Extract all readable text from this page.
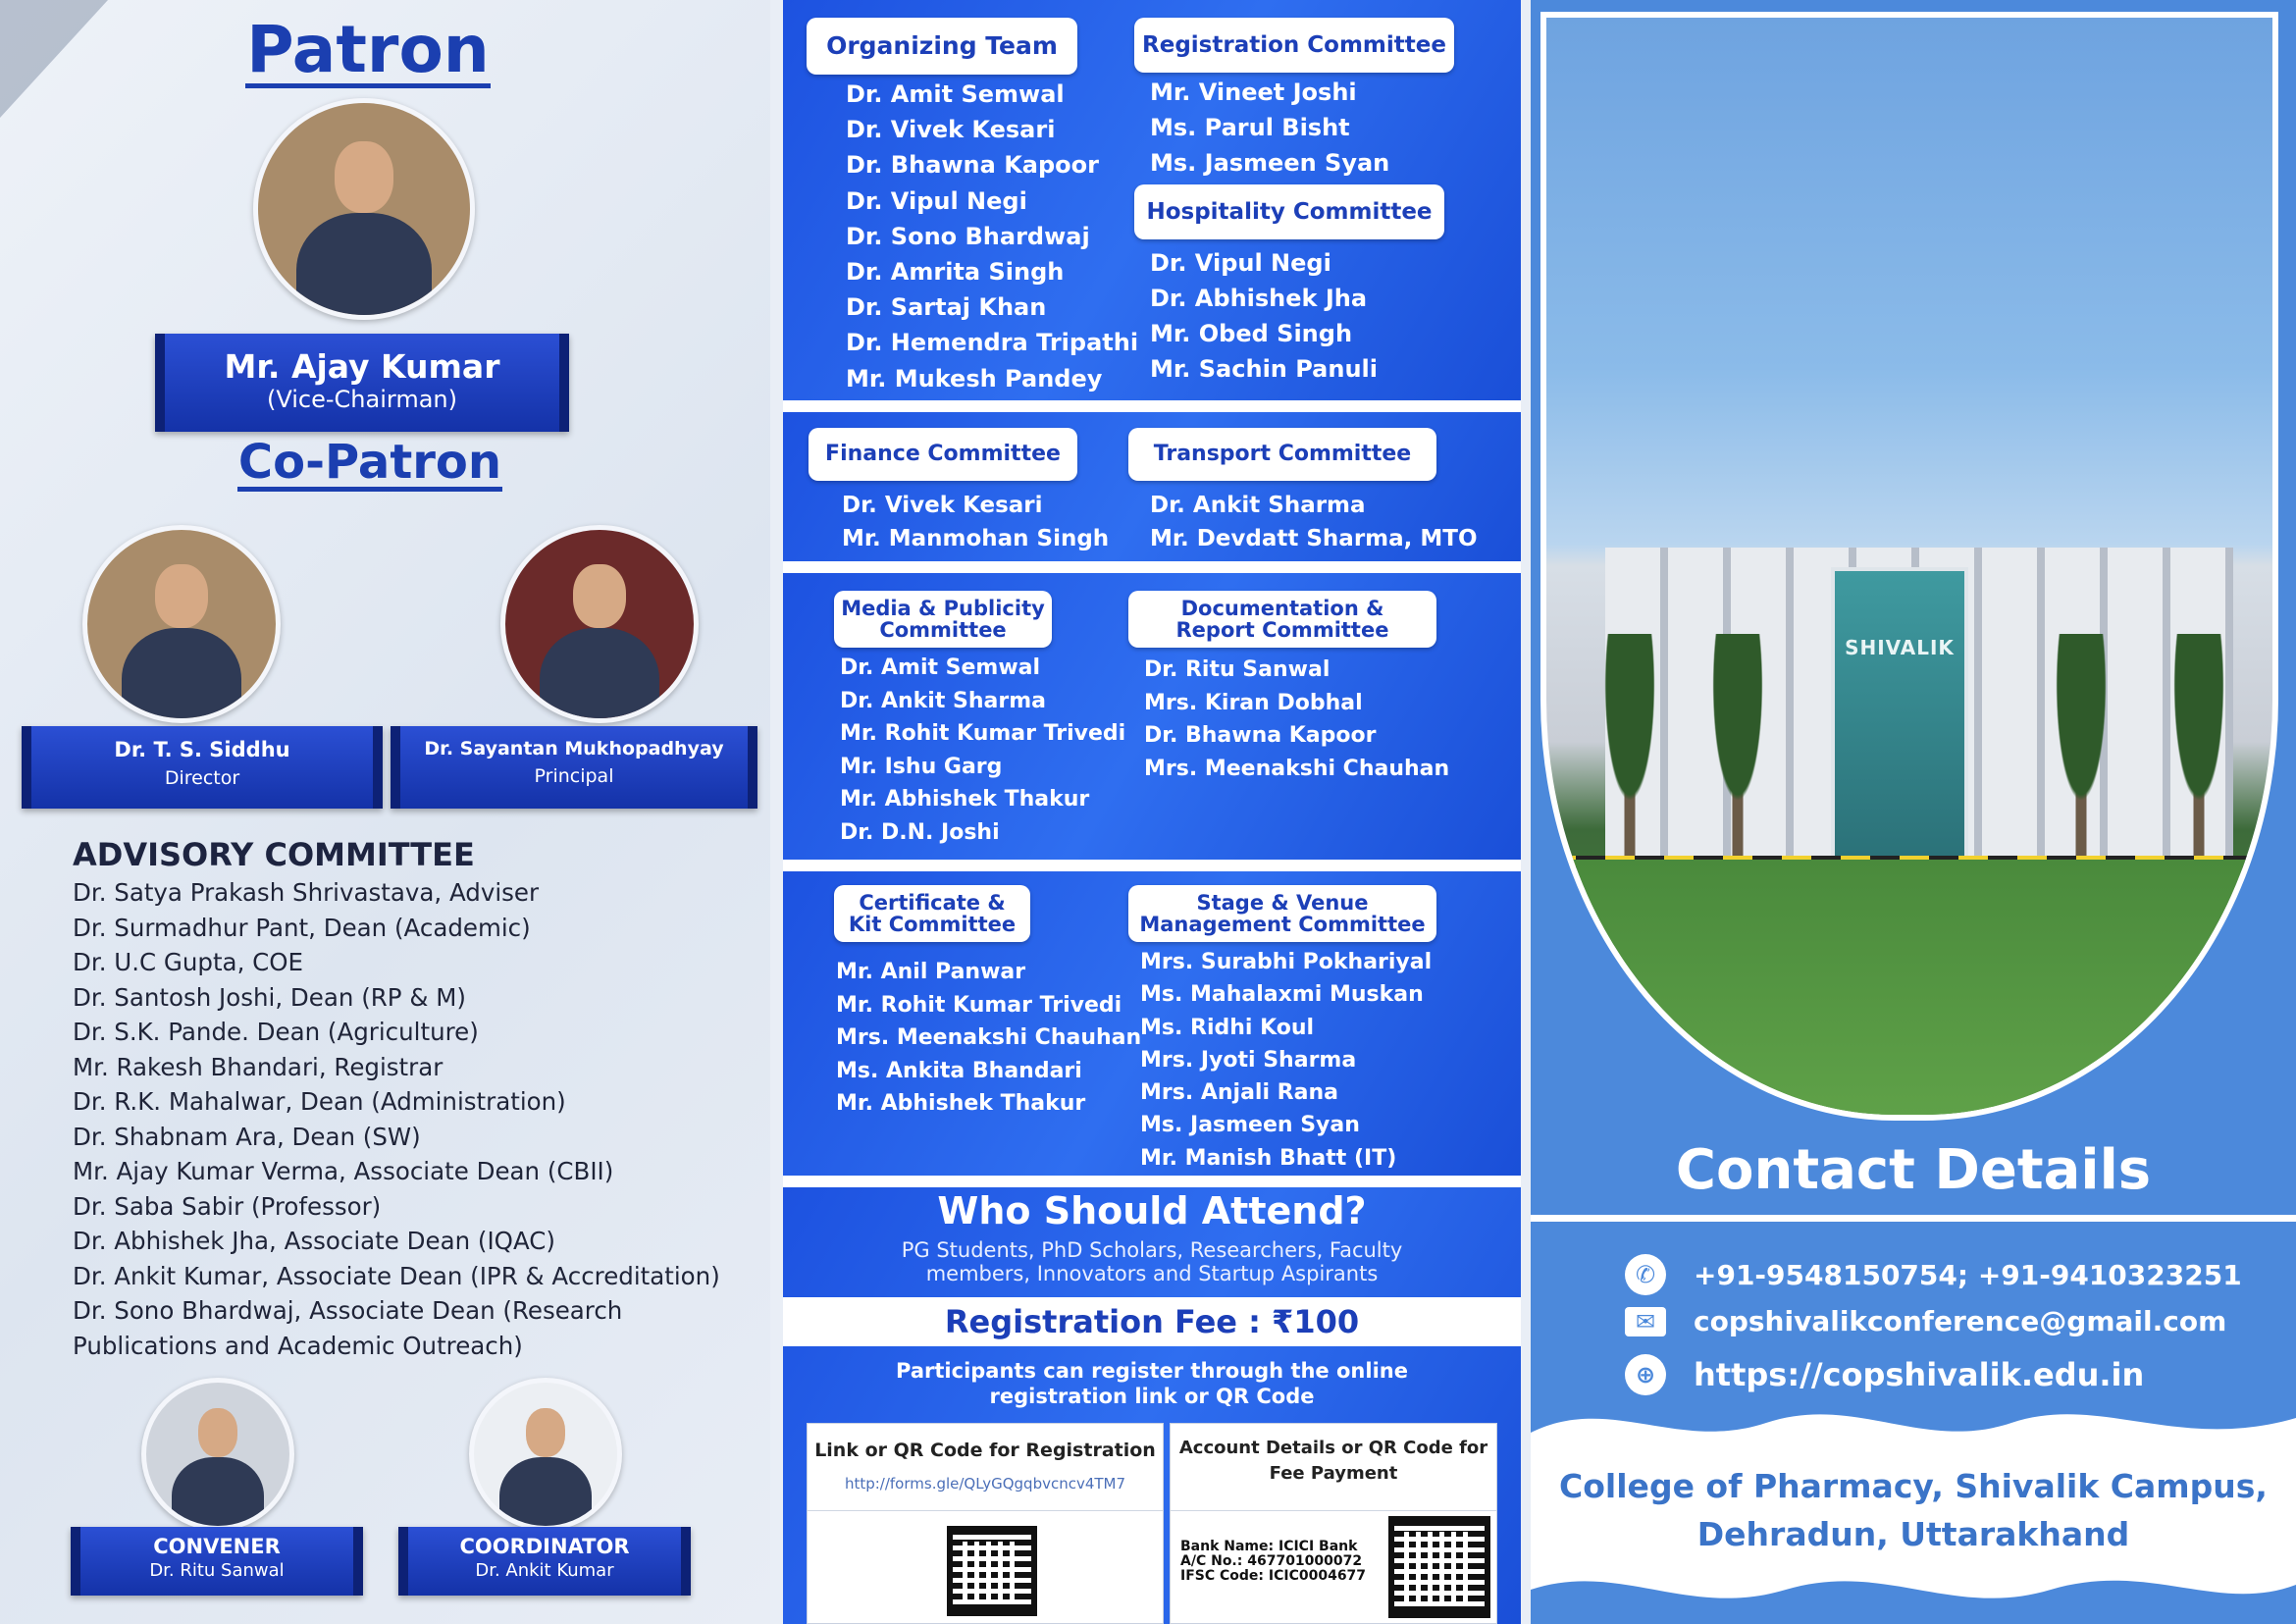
Patron
Mr. Ajay Kumar
(Vice-Chairman)
Co-Patron
Dr. T. S. Siddhu
Director
Dr. Sayantan Mukhopadhyay
Principal
ADVISORY COMMITTEE
Dr. Satya Prakash Shrivastava, Adviser
Dr. Surmadhur Pant, Dean (Academic)
Dr. U.C Gupta, COE
Dr. Santosh Joshi, Dean (RP & M)
Dr. S.K. Pande. Dean (Agriculture)
Mr. Rakesh Bhandari, Registrar
Dr. R.K. Mahalwar, Dean (Administration)
Dr. Shabnam Ara, Dean (SW)
Mr. Ajay Kumar Verma, Associate Dean (CBII)
Dr. Saba Sabir (Professor)
Dr. Abhishek Jha, Associate Dean (IQAC)
Dr. Ankit Kumar, Associate Dean (IPR & Accreditation)
Dr. Sono Bhardwaj, Associate Dean (Research
Publications and Academic Outreach)
CONVENER
Dr. Ritu Sanwal
COORDINATOR
Dr. Ankit Kumar
Organizing Team
Dr. Amit Semwal
Dr. Vivek Kesari
Dr. Bhawna Kapoor
Dr. Vipul Negi
Dr. Sono Bhardwaj
Dr. Amrita Singh
Dr. Sartaj Khan
Dr. Hemendra Tripathi
Mr. Mukesh Pandey
Registration Committee
Mr. Vineet Joshi
Ms. Parul Bisht
Ms. Jasmeen Syan
Hospitality Committee
Dr. Vipul Negi
Dr. Abhishek Jha
Mr. Obed Singh
Mr. Sachin Panuli
Finance Committee
Dr. Vivek Kesari
Mr. Manmohan Singh
Transport Committee
Dr. Ankit Sharma
Mr. Devdatt Sharma, MTO
Media & Publicity
Committee
Dr. Amit Semwal
Dr. Ankit Sharma
Mr. Rohit Kumar Trivedi
Mr. Ishu Garg
Mr. Abhishek Thakur
Dr. D.N. Joshi
Documentation &
Report Committee
Dr. Ritu Sanwal
Mrs. Kiran Dobhal
Dr. Bhawna Kapoor
Mrs. Meenakshi Chauhan
Certificate &
Kit Committee
Mr. Anil Panwar
Mr. Rohit Kumar Trivedi
Mrs. Meenakshi Chauhan
Ms. Ankita Bhandari
Mr. Abhishek Thakur
Stage & Venue
Management Committee
Mrs. Surabhi Pokhariyal
Ms. Mahalaxmi Muskan
Ms. Ridhi Koul
Mrs. Jyoti Sharma
Mrs. Anjali Rana
Ms. Jasmeen Syan
Mr. Manish Bhatt (IT)
Who Should Attend?
PG Students, PhD Scholars, Researchers, Faculty
members, Innovators and Startup Aspirants
Registration Fee : ₹100
Participants can register through the online
registration link or QR Code
Link or QR Code for Registration
http://forms.gle/QLyGQgqbvcncv4TM7
Account Details or QR Code for
Fee Payment
Bank Name: ICICI Bank
A/C No.: 467701000072
IFSC Code: ICIC0004677
SHIVALIK
Contact Details
✆	+91-9548150754; +91-9410323251
✉	copshivalikconference@gmail.com
⊕	https://copshivalik.edu.in
College of Pharmacy, Shivalik Campus,
Dehradun, Uttarakhand
